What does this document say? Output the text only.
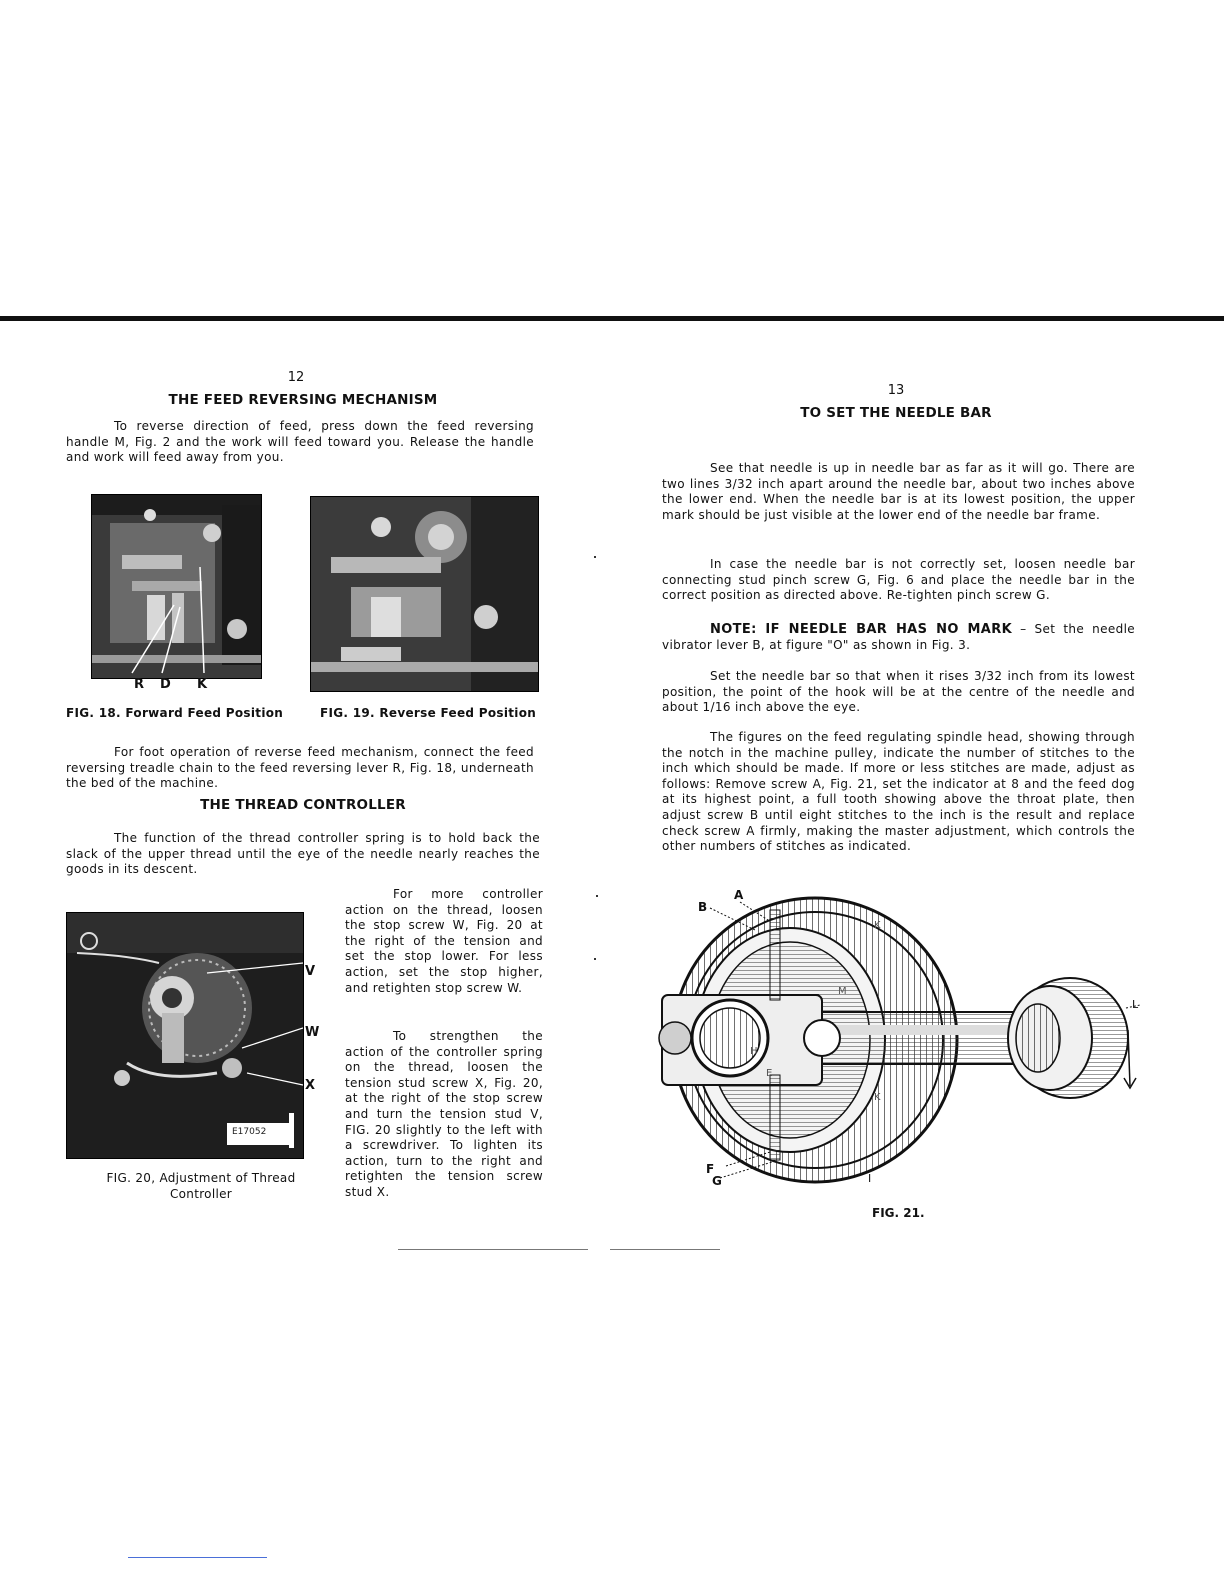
12
THE FEED REVERSING MECHANISM
To reverse direction of feed, press down the feed reversing handle M, Fig. 2 and the work will feed toward you. Release the handle and work will feed away from you.
R D K
FIG. 18. Forward Feed Position	FIG. 19. Reverse Feed Position
For foot operation of reverse feed mechanism, connect the feed reversing treadle chain to the feed reversing lever R, Fig. 18, underneath the bed of the machine.
THE THREAD CONTROLLER
The function of the thread controller spring is to hold back the slack of the upper thread until the eye of the needle nearly reaches the goods in its descent.
For more controller action on the thread, loosen the stop screw W, Fig. 20 at the right of the tension and set the stop lower. For less action, set the stop higher, and retighten stop screw W.
To strengthen the action of the controller spring on the thread, loosen the tension stud screw X, Fig. 20, at the right of the stop screw and turn the tension stud V, FIG. 20 slightly to the left with a screwdriver. To lighten its action, turn to the right and retighten the tension screw stud X.
E17052
V
W
X
FIG. 20, Adjustment of Thread
Controller
13
TO SET THE NEEDLE BAR
See that needle is up in needle bar as far as it will go. There are two lines 3/32 inch apart around the needle bar, about two inches above the lower end. When the needle bar is at its lowest position, the upper mark should be just visible at the lower end of the needle bar frame.
In case the needle bar is not correctly set, loosen needle bar connecting stud pinch screw G, Fig. 6 and place the needle bar in the correct position as directed above. Re-tighten pinch screw G.
NOTE: IF NEEDLE BAR HAS NO MARK – Set the needle vibrator lever B, at figure "O" as shown in Fig. 3.
Set the needle bar so that when it rises 3/32 inch from its lowest position, the point of the hook will be at the centre of the needle and about 1/16 inch above the eye.
The figures on the feed regulating spindle head, showing through the notch in the machine pulley, indicate the number of stitches to the inch which should be made. If more or less stitches are made, adjust as follows: Remove screw A, Fig. 21, set the indicator at 8 and the feed dog at its highest point, a full tooth showing above the throat plate, then adjust screw B until eight stitches to the inch is the result and replace check screw A firmly, making the master adjustment, which controls the other numbers of stitches as indicated.
A
B
K
M
H
E
K
F
G	I
L
FIG. 21.
